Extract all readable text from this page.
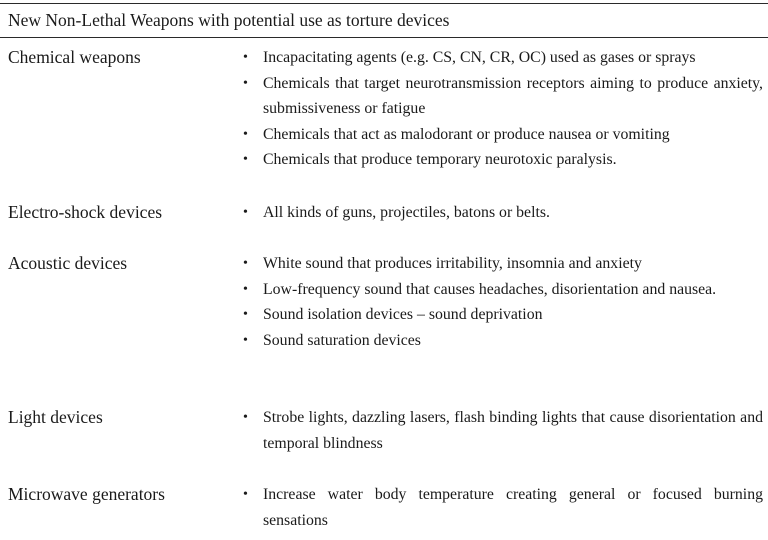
New Non-Lethal Weapons with potential use as torture devices
Chemical weapons	• Incapacitating agents (e.g. CS, CN, CR, OC) used as gases or sprays
• Chemicals that target neurotransmission receptors aiming to produce anxiety, submissiveness or fatigue
• Chemicals that act as malodorant or produce nausea or vomiting
• Chemicals that produce temporary neurotoxic paralysis.
Electro-shock devices	• All kinds of guns, projectiles, batons or belts.
Acoustic devices	• White sound that produces irritability, insomnia and anxiety
• Low-frequency sound that causes headaches, disorientation and nausea.
• Sound isolation devices – sound deprivation
• Sound saturation devices
Light devices	• Strobe lights, dazzling lasers, flash binding lights that cause disorientation and temporal blindness
Microwave generators	• Increase water body temperature creating general or focused burning sensations
